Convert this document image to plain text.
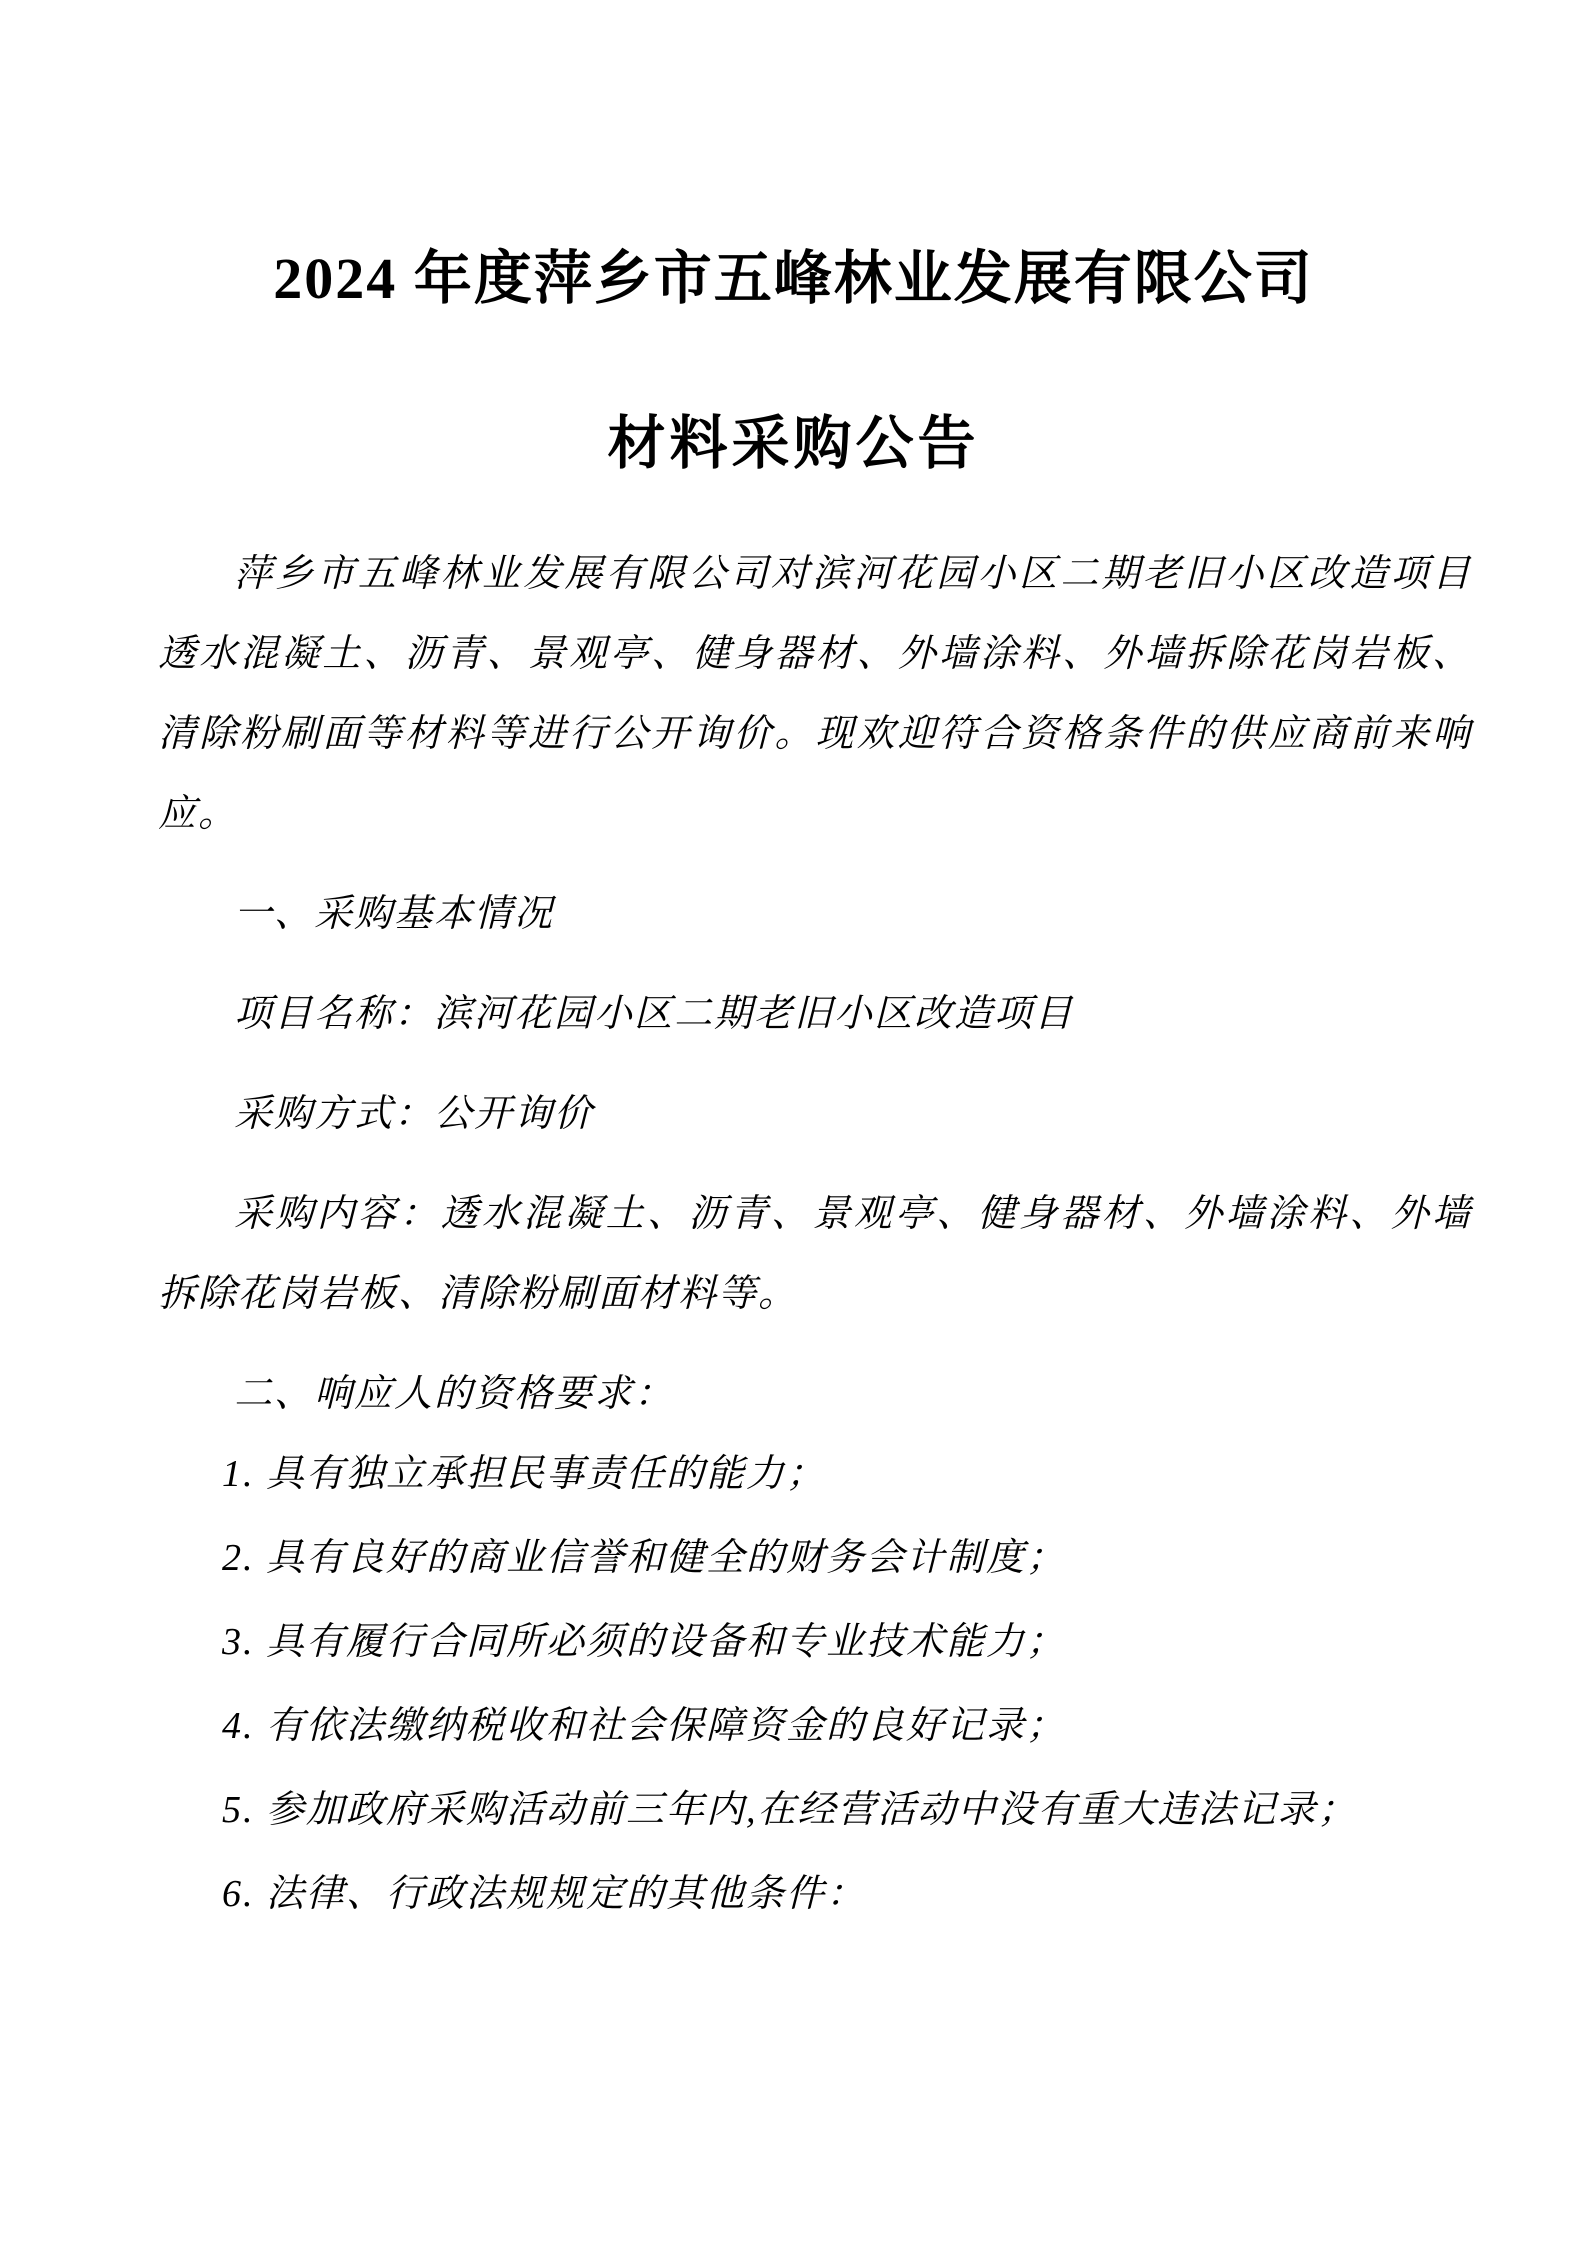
2024 年度萍乡市五峰林业发展有限公司
材料采购公告

萍乡市五峰林业发展有限公司对滨河花园小区二期老旧小区改造项目透水混凝土、沥青、景观亭、健身器材、外墙涂料、外墙拆除花岗岩板、清除粉刷面等材料等进行公开询价。现欢迎符合资格条件的供应商前来响应。

一、采购基本情况

项目名称：滨河花园小区二期老旧小区改造项目

采购方式：公开询价

采购内容：透水混凝土、沥青、景观亭、健身器材、外墙涂料、外墙拆除花岗岩板、清除粉刷面材料等。

二、响应人的资格要求：

1. 具有独立承担民事责任的能力；

2. 具有良好的商业信誉和健全的财务会计制度；

3. 具有履行合同所必须的设备和专业技术能力；

4. 有依法缴纳税收和社会保障资金的良好记录；

5. 参加政府采购活动前三年内,在经营活动中没有重大违法记录；

6. 法律、行政法规规定的其他条件：
